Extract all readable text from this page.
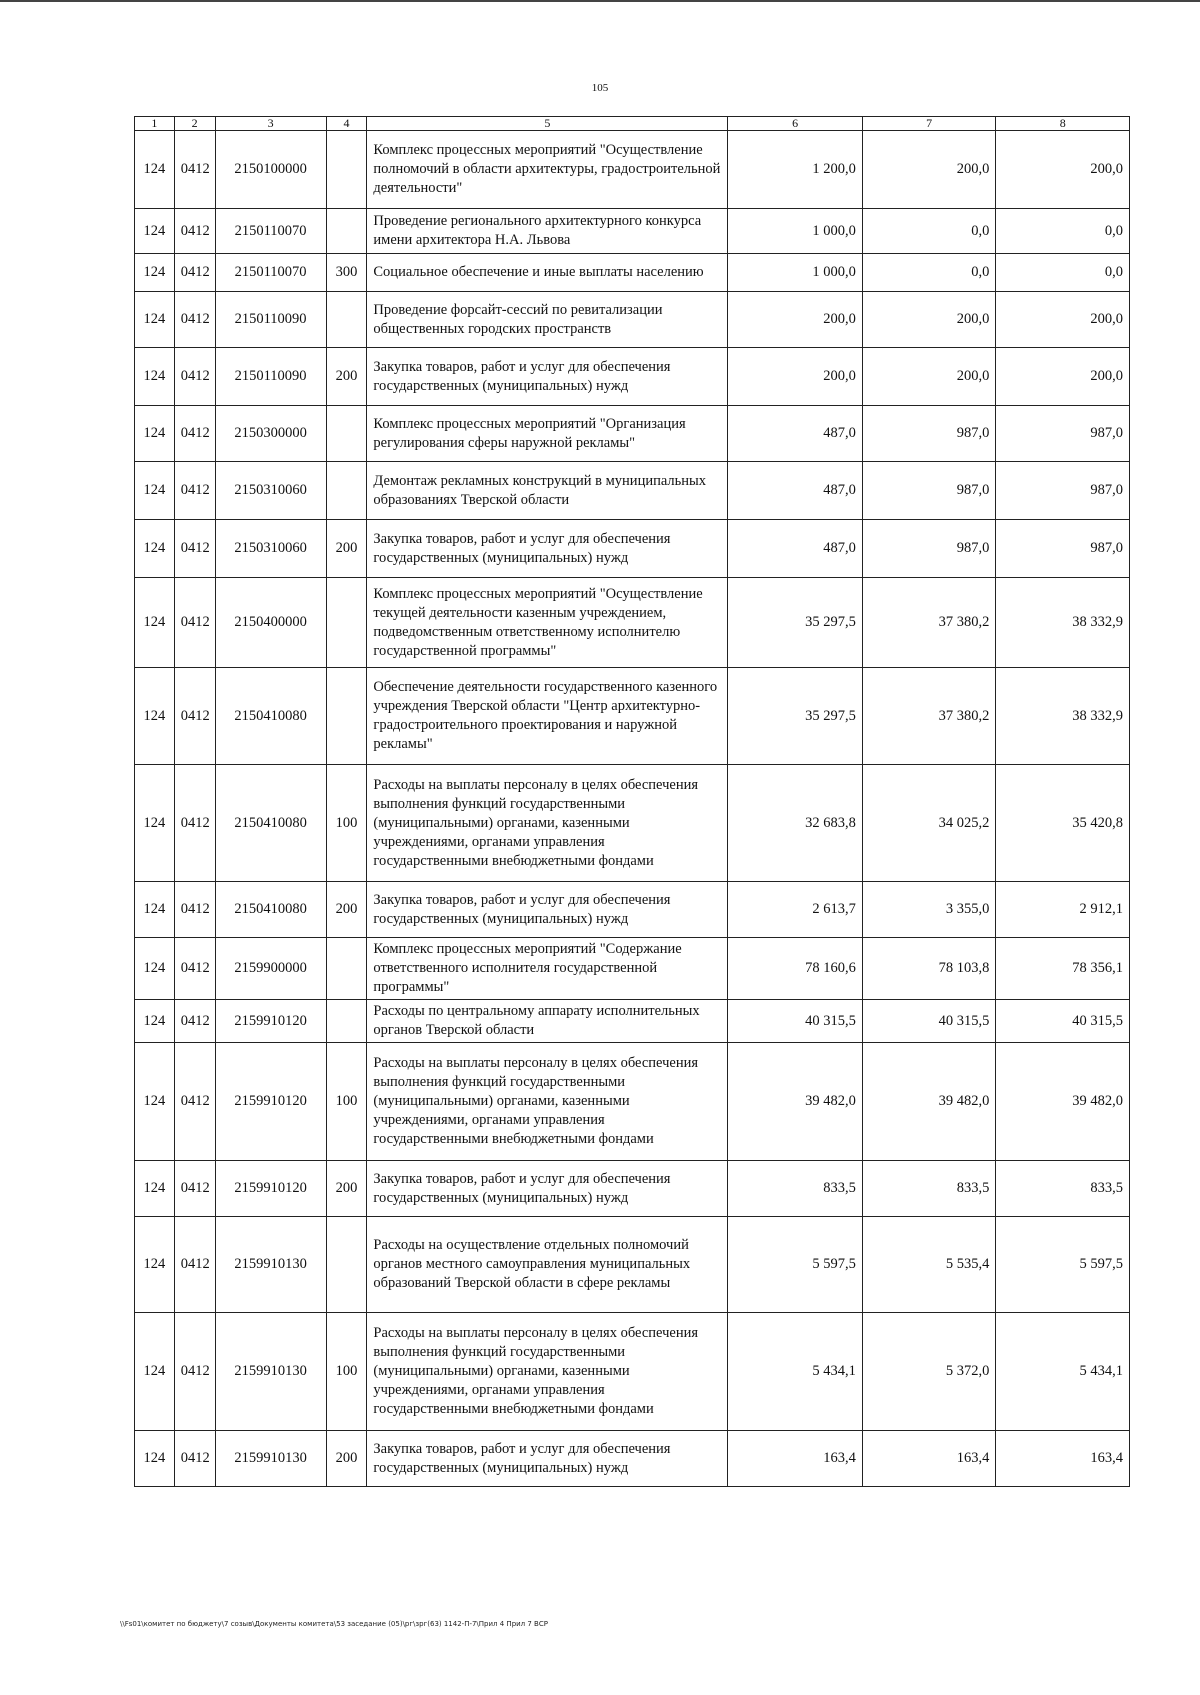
105
1	2	3	4	5	6	7	8
124	0412	2150100000		Комплекс процессных мероприятий "Осуществление полномочий в области архитектуры, градостроительной деятельности"	1 200,0	200,0	200,0
124	0412	2150110070		Проведение регионального архитектурного конкурса имени архитектора Н.А. Львова	1 000,0	0,0	0,0
124	0412	2150110070	300	Социальное обеспечение и иные выплаты населению	1 000,0	0,0	0,0
124	0412	2150110090		Проведение форсайт-сессий по ревитализации общественных городских пространств	200,0	200,0	200,0
124	0412	2150110090	200	Закупка товаров, работ и услуг для обеспечения государственных (муниципальных) нужд	200,0	200,0	200,0
124	0412	2150300000		Комплекс процессных мероприятий "Организация регулирования сферы наружной рекламы"	487,0	987,0	987,0
124	0412	2150310060		Демонтаж рекламных конструкций в муниципальных образованиях Тверской области	487,0	987,0	987,0
124	0412	2150310060	200	Закупка товаров, работ и услуг для обеспечения государственных (муниципальных) нужд	487,0	987,0	987,0
124	0412	2150400000		Комплекс процессных мероприятий "Осуществление текущей деятельности казенным учреждением, подведомственным ответственному исполнителю государственной программы"	35 297,5	37 380,2	38 332,9
124	0412	2150410080		Обеспечение деятельности государственного казенного учреждения Тверской области "Центр архитектурно-градостроительного проектирования и наружной рекламы"	35 297,5	37 380,2	38 332,9
124	0412	2150410080	100	Расходы на выплаты персоналу в целях обеспечения выполнения функций государственными (муниципальными) органами, казенными учреждениями, органами управления государственными внебюджетными фондами	32 683,8	34 025,2	35 420,8
124	0412	2150410080	200	Закупка товаров, работ и услуг для обеспечения государственных (муниципальных) нужд	2 613,7	3 355,0	2 912,1
124	0412	2159900000		Комплекс процессных мероприятий "Содержание ответственного исполнителя государственной программы"	78 160,6	78 103,8	78 356,1
124	0412	2159910120		Расходы по центральному аппарату исполнительных органов Тверской области	40 315,5	40 315,5	40 315,5
124	0412	2159910120	100	Расходы на выплаты персоналу в целях обеспечения выполнения функций государственными (муниципальными) органами, казенными учреждениями, органами управления государственными внебюджетными фондами	39 482,0	39 482,0	39 482,0
124	0412	2159910120	200	Закупка товаров, работ и услуг для обеспечения государственных (муниципальных) нужд	833,5	833,5	833,5
124	0412	2159910130		Расходы на осуществление отдельных полномочий органов местного самоуправления муниципальных образований Тверской области в сфере рекламы	5 597,5	5 535,4	5 597,5
124	0412	2159910130	100	Расходы на выплаты персоналу в целях обеспечения выполнения функций государственными (муниципальными) органами, казенными учреждениями, органами управления государственными внебюджетными фондами	5 434,1	5 372,0	5 434,1
124	0412	2159910130	200	Закупка товаров, работ и услуг для обеспечения государственных (муниципальных) нужд	163,4	163,4	163,4
\\Fs01\комитет по бюджету\7 созыв\Документы комитета\53 заседание (05)\рг\зрг(63) 1142-П-7\Прил 4 Прил 7 ВСР
